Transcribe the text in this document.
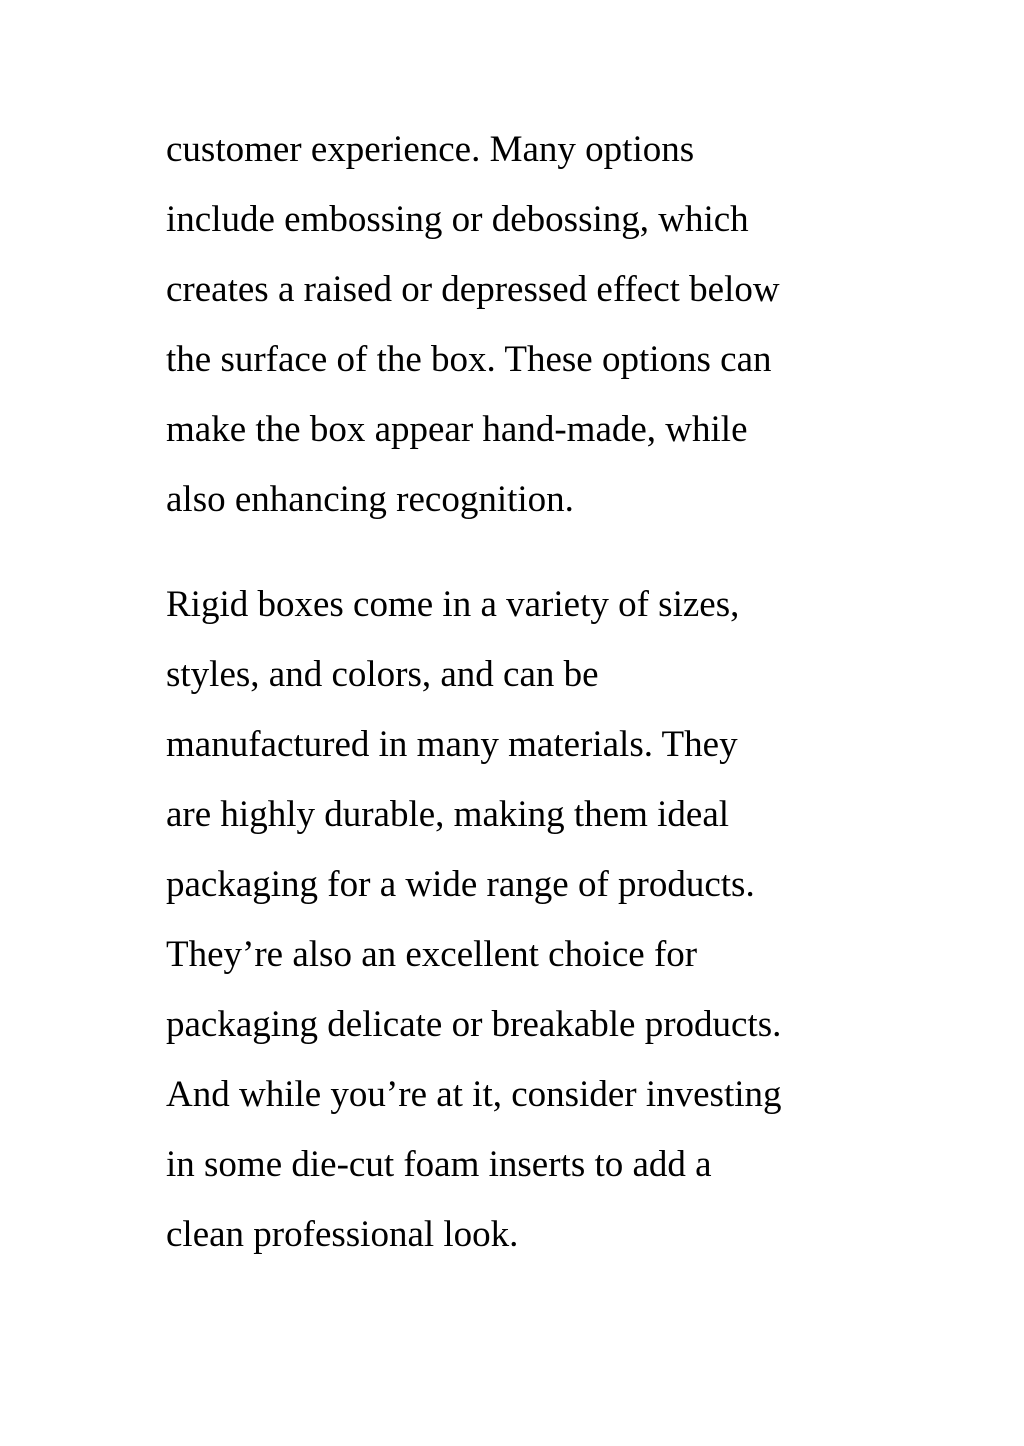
customer experience. Many options
include embossing or debossing, which
creates a raised or depressed effect below
the surface of the box. These options can
make the box appear hand-made, while
also enhancing recognition.

Rigid boxes come in a variety of sizes,
styles, and colors, and can be
manufactured in many materials. They
are highly durable, making them ideal
packaging for a wide range of products.
They’re also an excellent choice for
packaging delicate or breakable products.
And while you’re at it, consider investing
in some die-cut foam inserts to add a
clean professional look.
